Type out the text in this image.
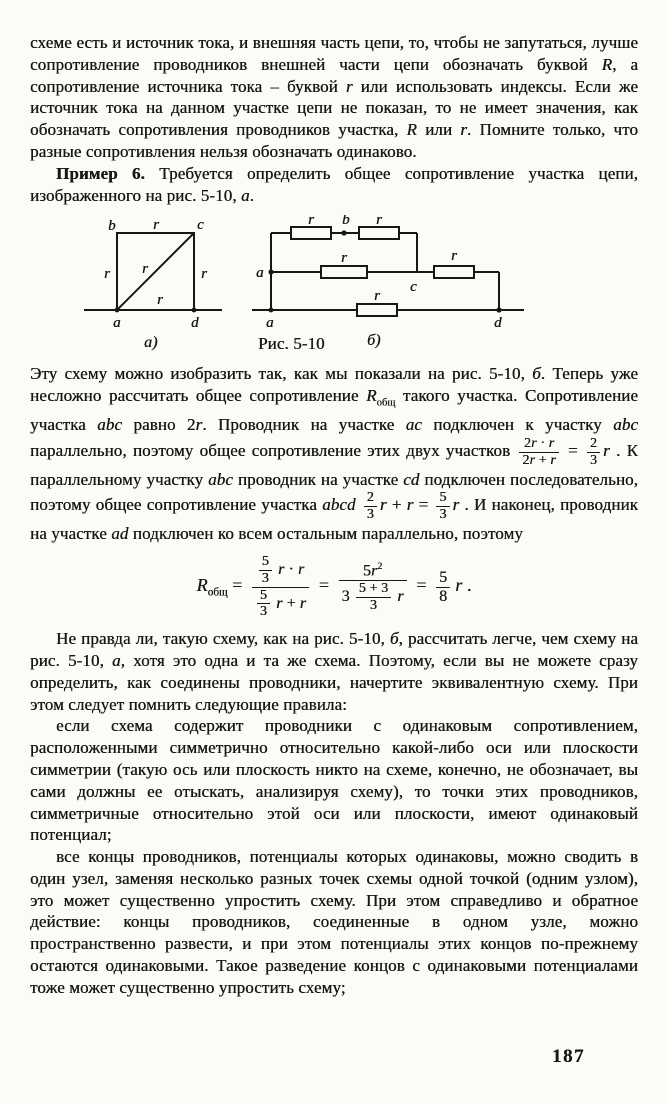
схеме есть и источник тока, и внешняя часть цепи, то, чтобы не запутаться, лучше сопротивление проводников внешней части цепи обозначать буквой R, а сопротивление источника тока – буквой r или использовать индексы. Если же источник тока на данном участке цепи не показан, то не имеет значения, как обозначать сопротивления проводников участка, R или r. Помните только, что разные сопротивления нельзя обозначать одинаково.

Пример 6. Требуется определить общее сопротивление участка цепи, изображенного на рис. 5-10, а.

b	c
a	d
r
r	r
r
r
а)
b
a
c
а	d
r	r
r	r
r
б)
Рис. 5-10

Эту схему можно изобразить так, как мы показали на рис. 5-10, б. Теперь уже несложно рассчитать общее сопротивление $R_{общ}$ такого участка. Сопротивление участка abc равно 2r. Проводник на участке ac подключен к участку abc параллельно, поэтому общее сопротивление этих двух участков $\frac{2r \cdot r}{2r + r} = \frac{2}{3}$ r . К параллельному участку abc проводник на участке cd подключен последовательно, поэтому общее сопротивление участка abcd $\frac{2}{3}$ $r + r = \frac{5}{3}$ r . И наконец, проводник на участке ad подключен ко всем остальным параллельно, поэтому

$R_{общ} = \frac{\frac{5}{3} r \cdot r}{\frac{5}{3} r + r} = \frac{5r^2}{3 \frac{5 + 3}{3} r} = \frac{5}{8}$ r .

Не правда ли, такую схему, как на рис. 5-10, б, рассчитать легче, чем схему на рис. 5-10, а, хотя это одна и та же схема. Поэтому, если вы не можете сразу определить, как соединены проводники, начертите эквивалентную схему. При этом следует помнить следующие правила:

если схема содержит проводники с одинаковым сопротивлением, расположенными симметрично относительно какой-либо оси или плоскости симметрии (такую ось или плоскость никто на схеме, конечно, не обозначает, вы сами должны ее отыскать, анализируя схему), то точки этих проводников, симметричные относительно этой оси или плоскости, имеют одинаковый потенциал;

все концы проводников, потенциалы которых одинаковы, можно сводить в один узел, заменяя несколько разных точек схемы одной точкой (одним узлом), это может существенно упростить схему. При этом справедливо и обратное действие: концы проводников, соединенные в одном узле, можно пространственно развести, и при этом потенциалы этих концов по-прежнему остаются одинаковыми. Такое разведение концов с одинаковыми потенциалами тоже может существенно упростить схему;

187
